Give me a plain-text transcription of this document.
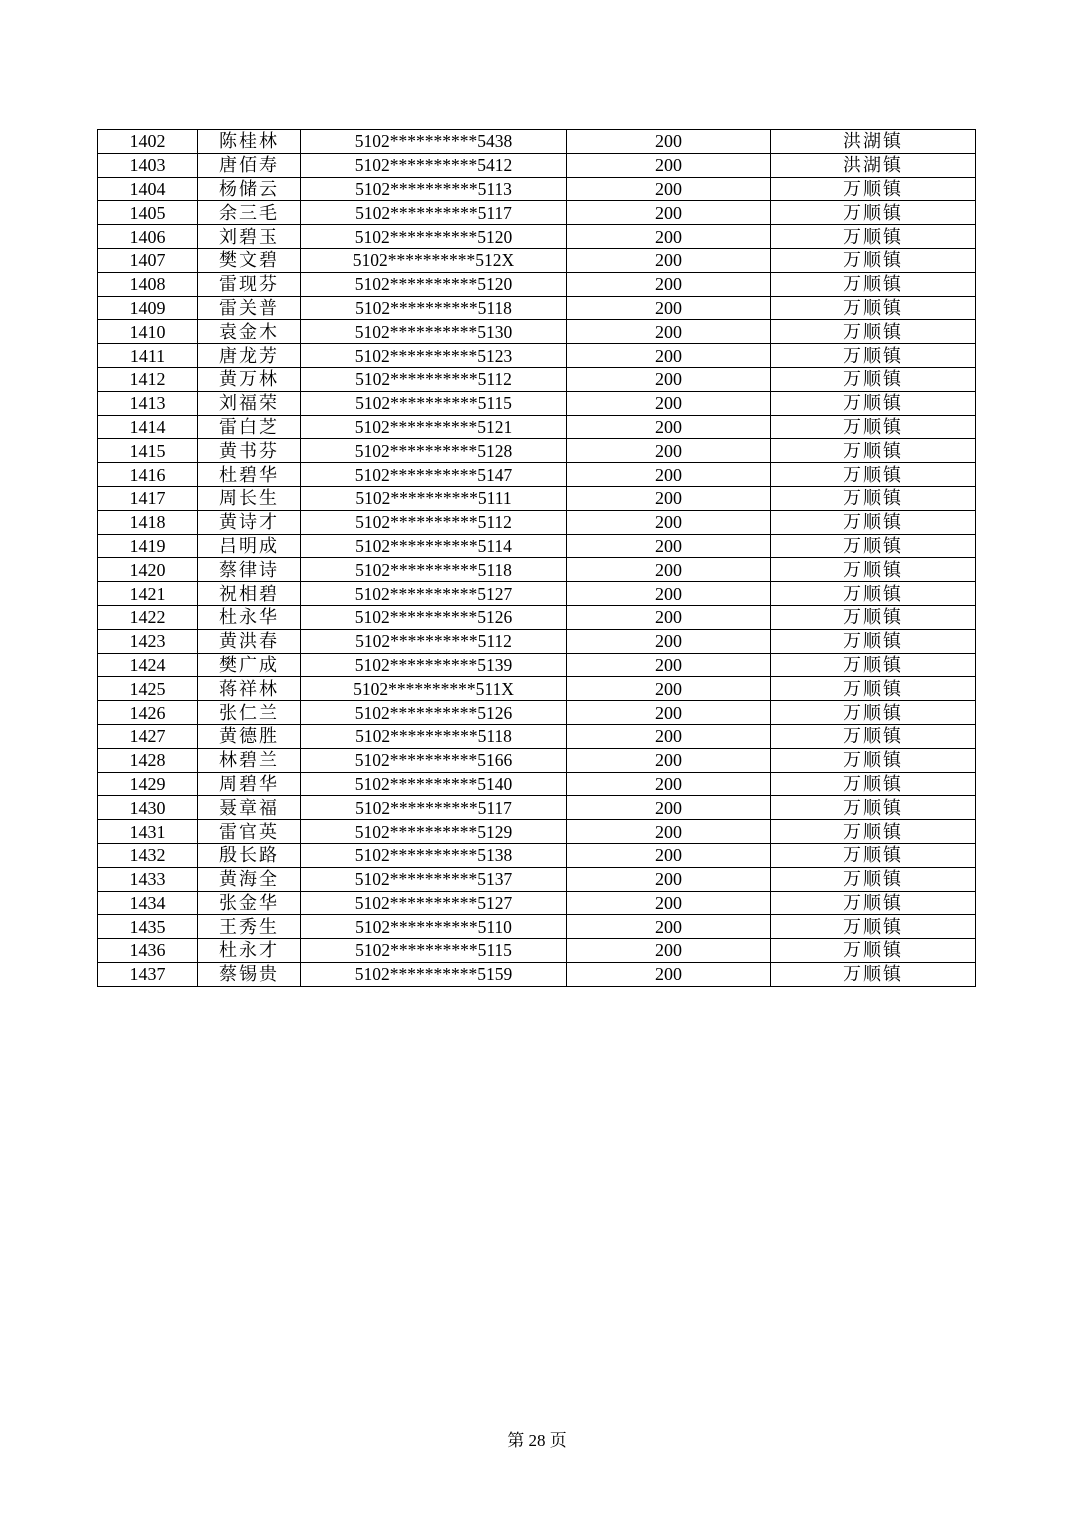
1402	陈桂林	5102**********5438	200	洪湖镇
1403	唐佰寿	5102**********5412	200	洪湖镇
1404	杨储云	5102**********5113	200	万顺镇
1405	余三毛	5102**********5117	200	万顺镇
1406	刘碧玉	5102**********5120	200	万顺镇
1407	樊文碧	5102**********512X	200	万顺镇
1408	雷现芬	5102**********5120	200	万顺镇
1409	雷关普	5102**********5118	200	万顺镇
1410	袁金木	5102**********5130	200	万顺镇
1411	唐龙芳	5102**********5123	200	万顺镇
1412	黄万林	5102**********5112	200	万顺镇
1413	刘福荣	5102**********5115	200	万顺镇
1414	雷白芝	5102**********5121	200	万顺镇
1415	黄书芬	5102**********5128	200	万顺镇
1416	杜碧华	5102**********5147	200	万顺镇
1417	周长生	5102**********5111	200	万顺镇
1418	黄诗才	5102**********5112	200	万顺镇
1419	吕明成	5102**********5114	200	万顺镇
1420	蔡律诗	5102**********5118	200	万顺镇
1421	祝相碧	5102**********5127	200	万顺镇
1422	杜永华	5102**********5126	200	万顺镇
1423	黄洪春	5102**********5112	200	万顺镇
1424	樊广成	5102**********5139	200	万顺镇
1425	蒋祥林	5102**********511X	200	万顺镇
1426	张仁兰	5102**********5126	200	万顺镇
1427	黄德胜	5102**********5118	200	万顺镇
1428	林碧兰	5102**********5166	200	万顺镇
1429	周碧华	5102**********5140	200	万顺镇
1430	聂章福	5102**********5117	200	万顺镇
1431	雷官英	5102**********5129	200	万顺镇
1432	殷长路	5102**********5138	200	万顺镇
1433	黄海全	5102**********5137	200	万顺镇
1434	张金华	5102**********5127	200	万顺镇
1435	王秀生	5102**********5110	200	万顺镇
1436	杜永才	5102**********5115	200	万顺镇
1437	蔡锡贵	5102**********5159	200	万顺镇
第 28 页
